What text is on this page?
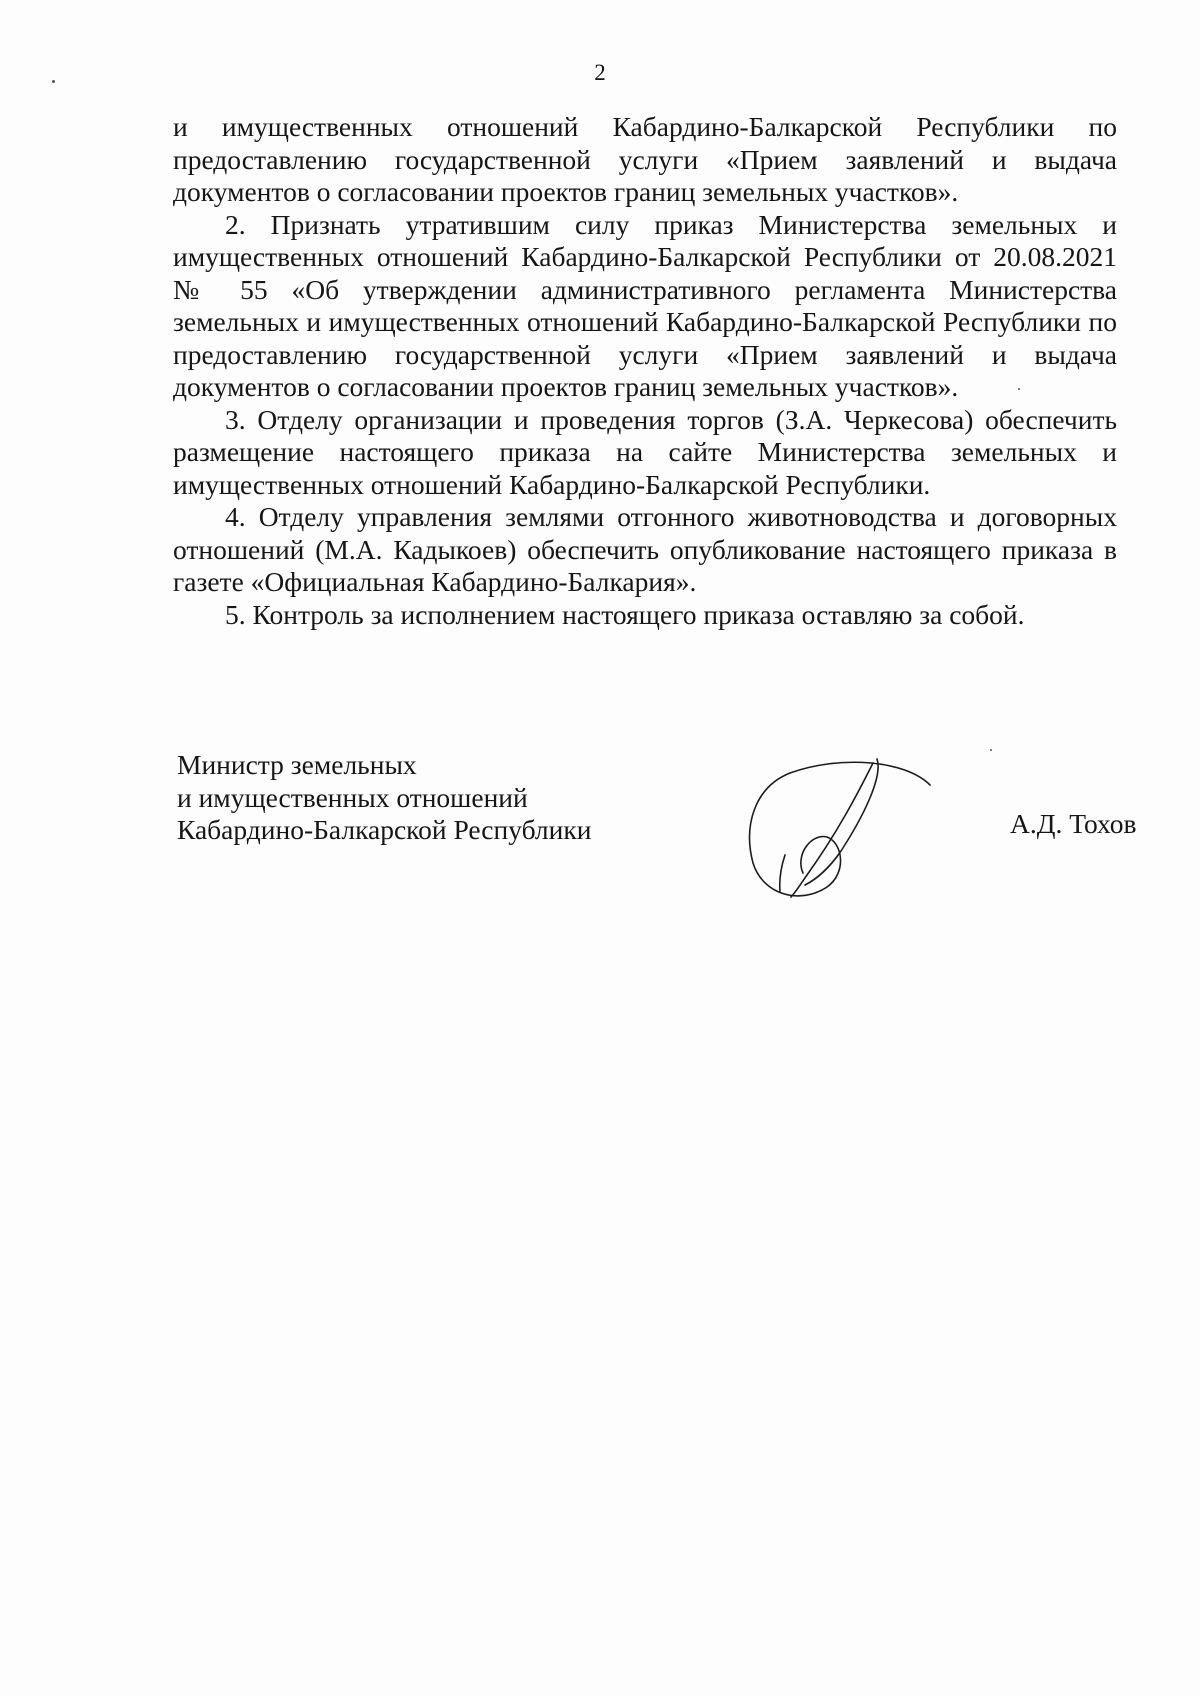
2

и имущественных отношений Кабардино-Балкарской Республики по предоставлению государственной услуги «Прием заявлений и выдача документов о согласовании проектов границ земельных участков».

2. Признать утратившим силу приказ Министерства земельных и имущественных отношений Кабардино-Балкарской Республики от 20.08.2021 № 55 «Об утверждении административного регламента Министерства земельных и имущественных отношений Кабардино-Балкарской Республики по предоставлению государственной услуги «Прием заявлений и выдача документов о согласовании проектов границ земельных участков».

3. Отделу организации и проведения торгов (З.А. Черкесова) обеспечить размещение настоящего приказа на сайте Министерства земельных и имущественных отношений Кабардино-Балкарской Республики.

4. Отделу управления землями отгонного животноводства и договорных отношений (М.А. Кадыкоев) обеспечить опубликование настоящего приказа в газете «Официальная Кабардино-Балкария».

5. Контроль за исполнением настоящего приказа оставляю за собой.

Министр земельных
и имущественных отношений
Кабардино-Балкарской Республики	А.Д. Тохов
